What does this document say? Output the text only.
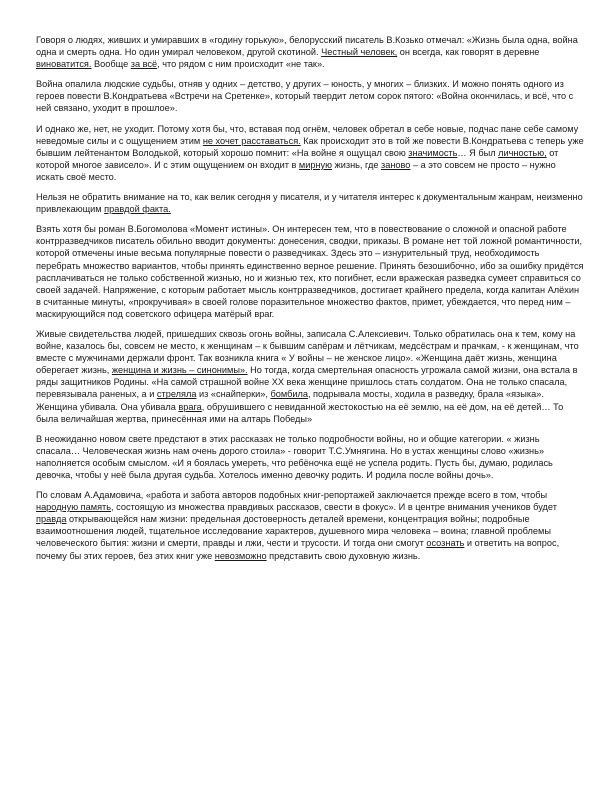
Говоря о людях, живших и умиравших в «годину горькую», белорусский писатель В.Козько отмечал: «Жизнь была одна, война одна и смерть одна. Но один умирал человеком, другой скотиной. Честный человек, он всегда, как говорят в деревне виноватится. Вообще за всё, что рядом с ним происходит «не так».

Война опалила людские судьбы, отняв у одних – детство, у других – юность, у многих – близких. И можно понять одного из героев повести В.Кондратьева «Встречи на Сретенке», который твердит летом сорок пятого: «Война окончилась, и всё, что с ней связано, уходит в прошлое».

И однако же, нет, не уходит. Потому хотя бы, что, вставая под огнём, человек обретал в себе новые, подчас пане себе самому неведомые силы и с ощущением этим не хочет расставаться. Как происходит это в той же повести В.Кондратьева с теперь уже бывшим лейтенантом Володькой, который хорошо помнит: «На войне я ощущал свою значимость… Я был личностью, от которой многое зависело». И с этим ощущением он входит в мирную жизнь, где заново – а это совсем не просто – нужно искать своё место.

Нельзя не обратить внимание на то, как велик сегодня у писателя, и у читателя интерес к документальным жанрам, неизменно привлекающим правдой факта.

Взять хотя бы роман В.Богомолова «Момент истины». Он интересен тем, что в повествование о сложной и опасной работе контрразведчиков писатель обильно вводит документы: донесения, сводки, приказы. В романе нет той ложной романтичности, которой отмечены иные весьма популярные повести о разведчиках. Здесь это – изнурительный труд, необходимость перебрать множество вариантов, чтобы принять единственно верное решение. Принять безошибочно, ибо за ошибку придётся расплачиваться не только собственной жизнью, но и жизнью тех, кто погибнет, если вражеская разведка сумеет справиться со своей задачей. Напряжение, с которым работает мысль контрразведчиков, достигает крайнего предела, когда капитан Алёхин в считанные минуты, «прокручивая» в своей голове поразительное множество фактов, примет, убеждается, что перед ним – маскирующийся под советского офицера матёрый враг.

Живые свидетельства людей, пришедших сквозь огонь войны, записала С.Алексиевич. Только обратилась она к тем, кому на войне, казалось бы, совсем не место, к женщинам – к бывшим сапёрам и лётчикам, медсёстрам и прачкам, - к женщинам, что вместе с мужчинами держали фронт. Так возникла книга « У войны – не женское лицо». «Женщина даёт жизнь, женщина оберегает жизнь, женщина и жизнь – синонимы». Но тогда, когда смертельная опасность угрожала самой жизни, она встала в ряды защитников Родины. «На самой страшной войне XX века женщине пришлось стать солдатом. Она не только спасала, перевязывала раненых, а и стреляла из «снайперки», бомбила, подрывала мосты, ходила в разведку, брала «языка». Женщина убивала. Она убивала врага, обрушившего с невиданной жестокостью на её землю, на её дом, на её детей… То была величайшая жертва, принесённая ими на алтарь Победы»

В неожиданно новом свете предстают в этих рассказах не только подробности войны, но и общие категории. « жизнь спасала… Человеческая жизнь нам очень дорого стоила» - говорит Т.С.Умнягина. Но в устах женщины слово «жизнь» наполняется особым смыслом. «И я боялась умереть, что ребёночка ещё не успела родить. Пусть бы, думаю, родилась девочка, чтобы у неё была другая судьба. Хотелось именно девочку родить. И родила после войны дочь».

По словам А.Адамовича, «работа и забота авторов подобных книг-репортажей заключается прежде всего в том, чтобы народную память, состоящую из множества правдивых рассказов, свести в фокус». И в центре внимания учеников будет правда открывающейся нам жизни: предельная достоверность деталей времени, концентрация войны; подробные взаимоотношения людей, тщательное исследование характеров, душевного мира человека – воина; главной проблемы человеческого бытия: жизни и смерти, правды и лжи, чести и трусости. И тогда они смогут осознать и ответить на вопрос, почему бы этих героев, без этих книг уже невозможно представить свою духовную жизнь.
